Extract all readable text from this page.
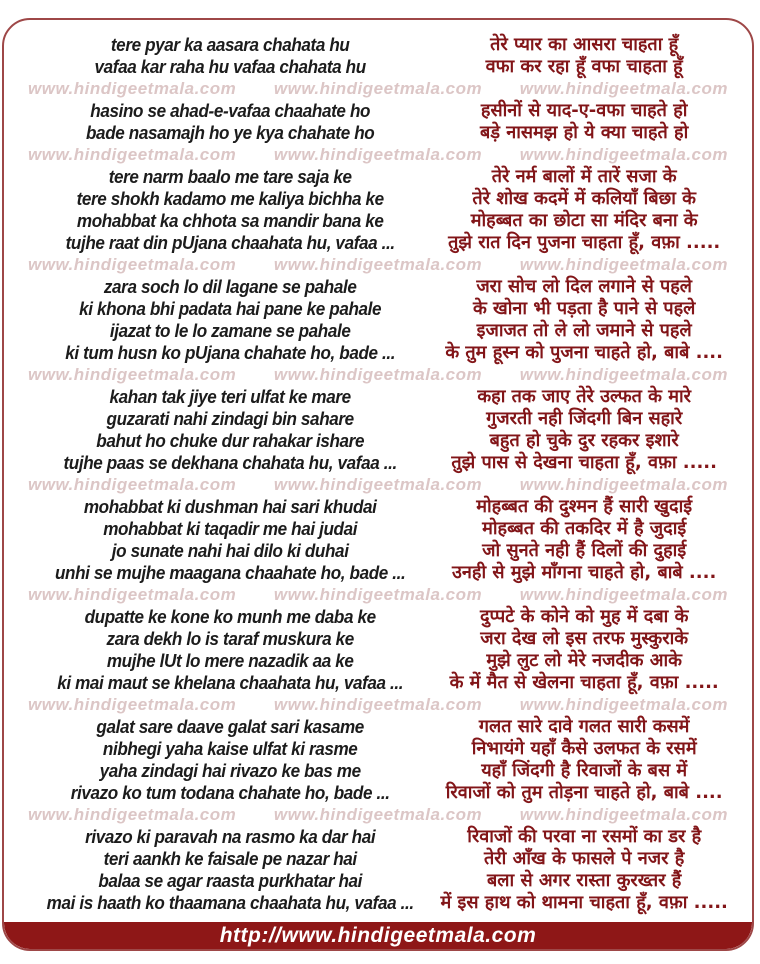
tere pyar ka aasara chahata hu
vafaa kar raha hu vafaa chahata hu
तेरे प्यार का आसरा चाहता हूँ
वफा कर रहा हूँ वफा चाहता हूँ
www.hindigeetmala.com www.hindigeetmala.com www.hindigeetmala.com
hasino se ahad-e-vafaa chaahate ho
bade nasamajh ho ye kya chahate ho
हसीनों से याद-ए-वफा चाहते हो
बड़े नासमझ हो ये क्या चाहते हो
www.hindigeetmala.com www.hindigeetmala.com www.hindigeetmala.com
tere narm baalo me tare saja ke
tere shokh kadamo me kaliya bichha ke
mohabbat ka chhota sa mandir bana ke
tujhe raat din pUjana chaahata hu, vafaa ...
तेरे नर्म बालों में तारें सजा के
तेरे शोख कदमें में कलियाँ बिछा के
मोहब्बत का छोटा सा मंदिर बना के
तुझे रात दिन पुजना चाहता हूँ, वफ़ा .....
www.hindigeetmala.com www.hindigeetmala.com www.hindigeetmala.com
zara soch lo dil lagane se pahale
ki khona bhi padata hai pane ke pahale
ijazat to le lo zamane se pahale
ki tum husn ko pUjana chahate ho, bade ...
जरा सोच लो दिल लगाने से पहले
के खोना भी पड़ता है पाने से पहले
इजाजत तो ले लो जमाने से पहले
के तुम हूस्न को पुजना चाहते हो, बाबे ....
www.hindigeetmala.com www.hindigeetmala.com www.hindigeetmala.com
kahan tak jiye teri ulfat ke mare
guzarati nahi zindagi bin sahare
bahut ho chuke dur rahakar ishare
tujhe paas se dekhana chahata hu, vafaa ...
कहा तक जाए तेरे उल्फत के मारे
गुजरती नही जिंदगी बिन सहारे
बहुत हो चुके दुर रहकर इशारे
तुझे पास से देखना चाहता हूँ, वफ़ा .....
www.hindigeetmala.com www.hindigeetmala.com www.hindigeetmala.com
mohabbat ki dushman hai sari khudai
mohabbat ki taqadir me hai judai
jo sunate nahi hai dilo ki duhai
unhi se mujhe maagana chaahate ho, bade ...
मोहब्बत की दुश्मन हैं सारी खुदाई
मोहब्बत की तकदिर में है जुदाई
जो सुनते नही हैं दिलों की दुहाई
उनही से मुझे माँगना चाहते हो, बाबे ....
www.hindigeetmala.com www.hindigeetmala.com www.hindigeetmala.com
dupatte ke kone ko munh me daba ke
zara dekh lo is taraf muskura ke
mujhe lUt lo mere nazadik aa ke
ki mai maut se khelana chaahata hu, vafaa ...
दुप्पटे के कोने को मुह में दबा के
जरा देख लो इस तरफ मुस्कुराके
मुझे लुट लो मेरे नजदीक आके
के में मैत से खेलना चाहता हूँ, वफ़ा .....
www.hindigeetmala.com www.hindigeetmala.com www.hindigeetmala.com
galat sare daave galat sari kasame
nibhegi yaha kaise ulfat ki rasme
yaha zindagi hai rivazo ke bas me
rivazo ko tum todana chahate ho, bade ...
गलत सारे दावे गलत सारी कसमें
निभायंगे यहाँ कैसे उलफत के रसमें
यहाँ जिंदगी है रिवाजों के बस में
रिवाजों को तुम तोड़ना चाहते हो, बाबे ....
www.hindigeetmala.com www.hindigeetmala.com www.hindigeetmala.com
rivazo ki paravah na rasmo ka dar hai
teri aankh ke faisale pe nazar hai
balaa se agar raasta purkhatar hai
mai is haath ko thaamana chaahata hu, vafaa ...
रिवाजों की परवा ना रसमों का डर है
तेरी आँख के फासले पे नजर है
बला से अगर रास्ता कुरख्तर हैं
में इस हाथ को थामना चाहता हूँ, वफ़ा .....
http://www.hindigeetmala.com
